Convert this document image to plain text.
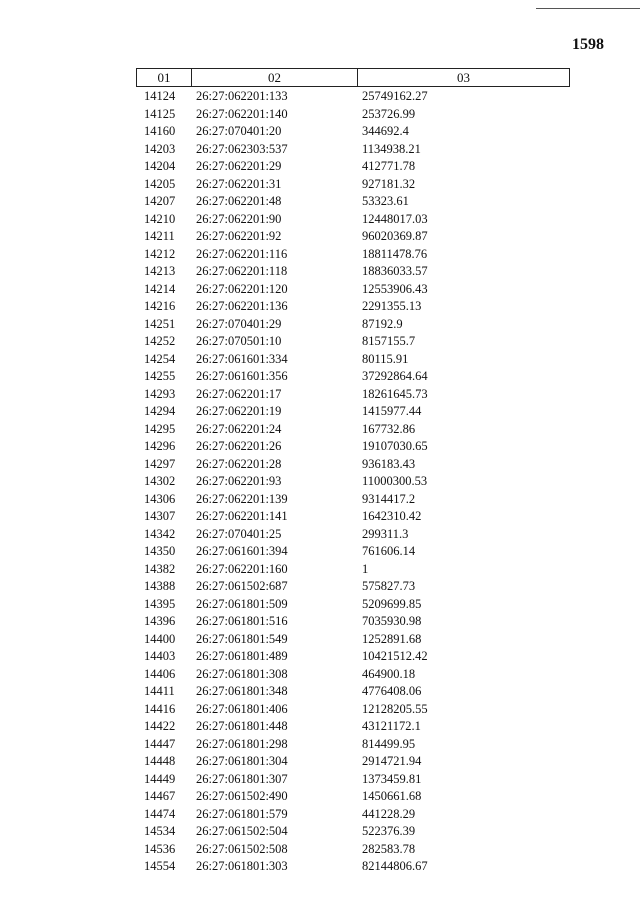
1598
01	02	03
14124 26:27:062201:133	25749162.27
14125 26:27:062201:140	253726.99
14160 26:27:070401:20	344692.4
14203 26:27:062303:537	1134938.21
14204 26:27:062201:29	412771.78
14205 26:27:062201:31	927181.32
14207 26:27:062201:48	53323.61
14210 26:27:062201:90	12448017.03
14211 26:27:062201:92	96020369.87
14212 26:27:062201:116	18811478.76
14213 26:27:062201:118	18836033.57
14214 26:27:062201:120	12553906.43
14216 26:27:062201:136	2291355.13
14251 26:27:070401:29	87192.9
14252 26:27:070501:10	8157155.7
14254 26:27:061601:334	80115.91
14255 26:27:061601:356	37292864.64
14293 26:27:062201:17	18261645.73
14294 26:27:062201:19	1415977.44
14295 26:27:062201:24	167732.86
14296 26:27:062201:26	19107030.65
14297 26:27:062201:28	936183.43
14302 26:27:062201:93	11000300.53
14306 26:27:062201:139	9314417.2
14307 26:27:062201:141	1642310.42
14342 26:27:070401:25	299311.3
14350 26:27:061601:394	761606.14
14382 26:27:062201:160	1
14388 26:27:061502:687	575827.73
14395 26:27:061801:509	5209699.85
14396 26:27:061801:516	7035930.98
14400 26:27:061801:549	1252891.68
14403 26:27:061801:489	10421512.42
14406 26:27:061801:308	464900.18
14411 26:27:061801:348	4776408.06
14416 26:27:061801:406	12128205.55
14422 26:27:061801:448	43121172.1
14447 26:27:061801:298	814499.95
14448 26:27:061801:304	2914721.94
14449 26:27:061801:307	1373459.81
14467 26:27:061502:490	1450661.68
14474 26:27:061801:579	441228.29
14534 26:27:061502:504	522376.39
14536 26:27:061502:508	282583.78
14554 26:27:061801:303	82144806.67
